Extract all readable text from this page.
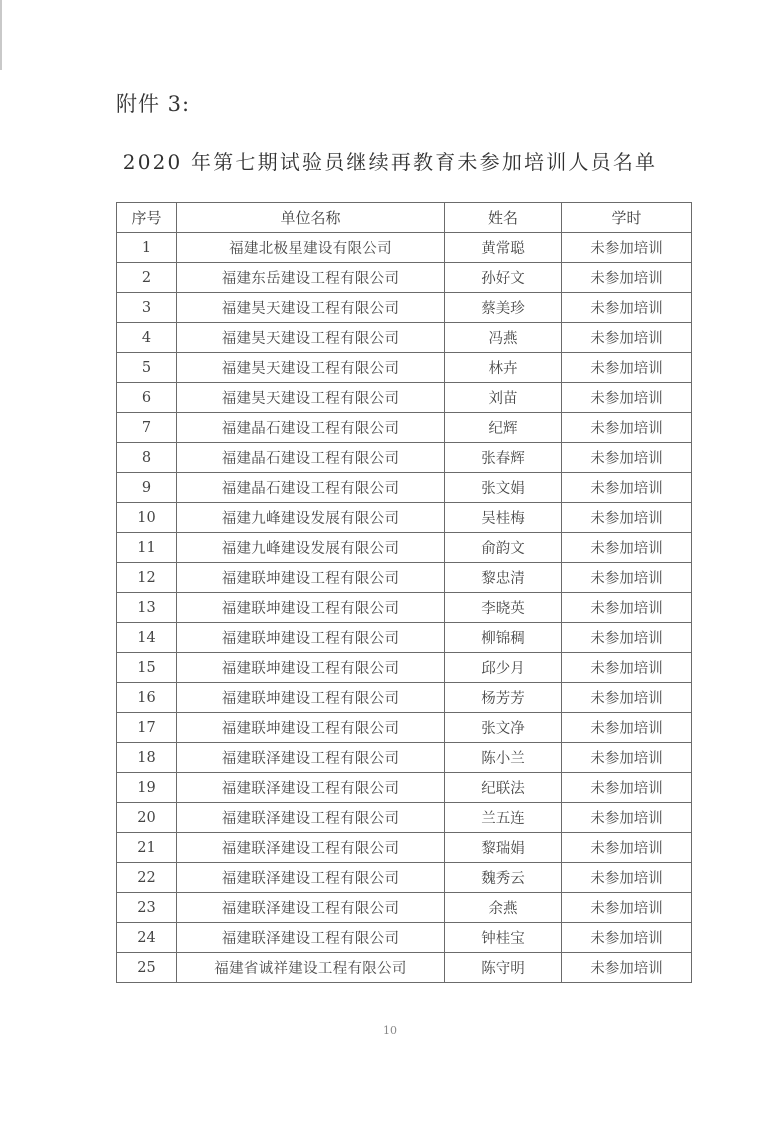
附件 3:
2020 年第七期试验员继续再教育未参加培训人员名单
序号	单位名称	姓名	学时
1	福建北极星建设有限公司	黄常聪	未参加培训
2	福建东岳建设工程有限公司	孙好文	未参加培训
3	福建昊天建设工程有限公司	蔡美珍	未参加培训
4	福建昊天建设工程有限公司	冯燕	未参加培训
5	福建昊天建设工程有限公司	林卉	未参加培训
6	福建昊天建设工程有限公司	刘苗	未参加培训
7	福建晶石建设工程有限公司	纪辉	未参加培训
8	福建晶石建设工程有限公司	张春辉	未参加培训
9	福建晶石建设工程有限公司	张文娟	未参加培训
10	福建九峰建设发展有限公司	吴桂梅	未参加培训
11	福建九峰建设发展有限公司	俞韵文	未参加培训
12	福建联坤建设工程有限公司	黎忠清	未参加培训
13	福建联坤建设工程有限公司	李晓英	未参加培训
14	福建联坤建设工程有限公司	柳锦稠	未参加培训
15	福建联坤建设工程有限公司	邱少月	未参加培训
16	福建联坤建设工程有限公司	杨芳芳	未参加培训
17	福建联坤建设工程有限公司	张文净	未参加培训
18	福建联泽建设工程有限公司	陈小兰	未参加培训
19	福建联泽建设工程有限公司	纪联法	未参加培训
20	福建联泽建设工程有限公司	兰五连	未参加培训
21	福建联泽建设工程有限公司	黎瑞娟	未参加培训
22	福建联泽建设工程有限公司	魏秀云	未参加培训
23	福建联泽建设工程有限公司	余燕	未参加培训
24	福建联泽建设工程有限公司	钟桂宝	未参加培训
25	福建省诚祥建设工程有限公司	陈守明	未参加培训
10
